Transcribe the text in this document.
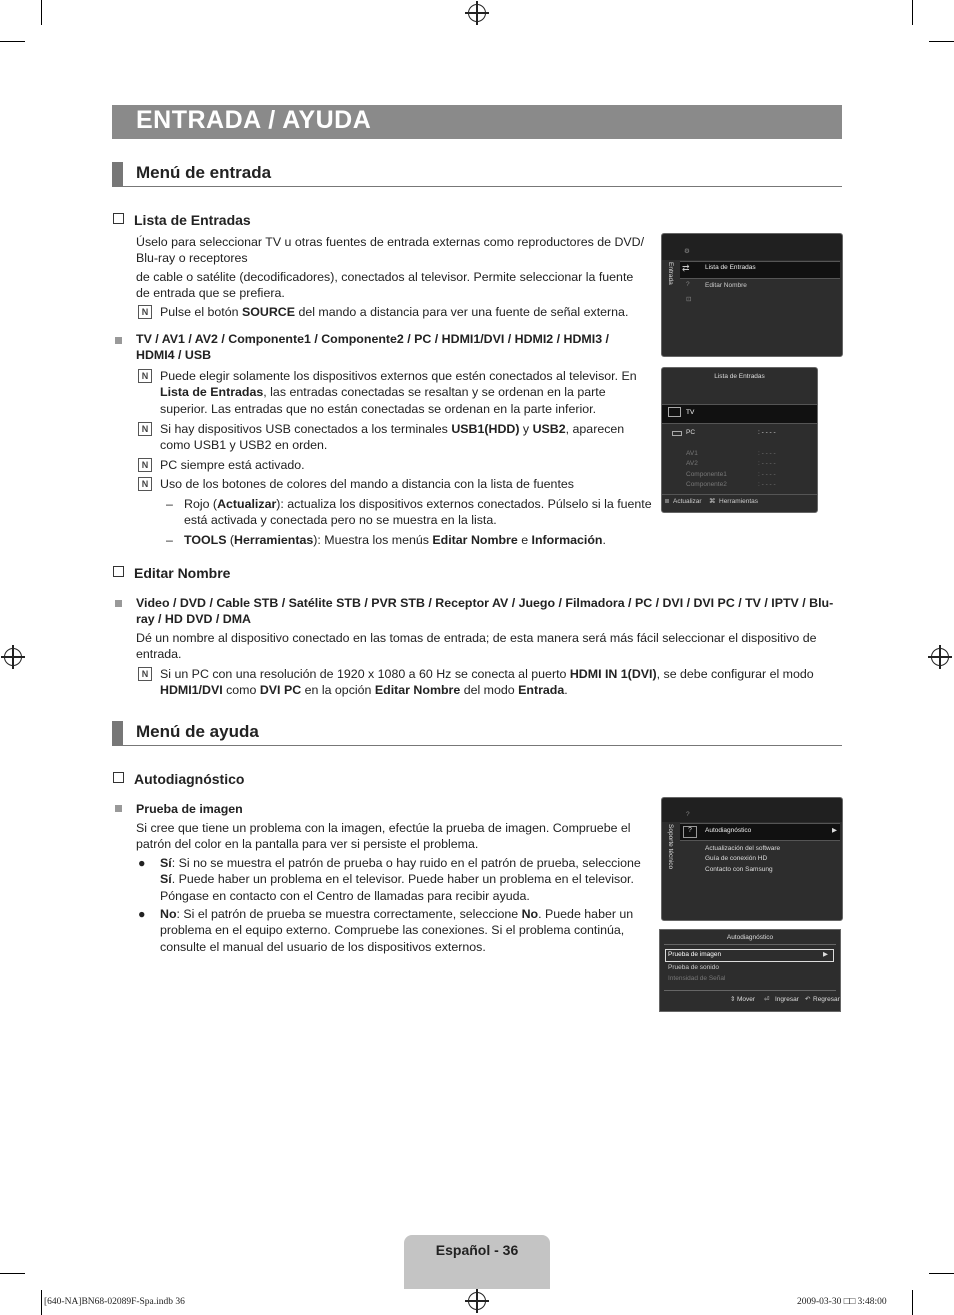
ENTRADA / AYUDA
Menú de entrada
Lista de Entradas
Úselo para seleccionar TV u otras fuentes de entrada externas como reproductores de DVD/ Blu-ray o receptores
de cable o satélite (decodificadores), conectados al televisor. Permite seleccionar la fuente de entrada que se prefiera.
N Pulse el botón SOURCE del mando a distancia para ver una fuente de señal externa.
TV / AV1 / AV2 / Componente1 / Componente2 / PC / HDMI1/DVI / HDMI2 / HDMI3 / HDMI4 / USB
N Puede elegir solamente los dispositivos externos que estén conectados al televisor. En Lista de Entradas, las entradas conectadas se resaltan y se ordenan en la parte superior. Las entradas que no están conectadas se ordenan en la parte inferior.
N Si hay dispositivos USB conectados a los terminales USB1(HDD) y USB2, aparecen como USB1 y USB2 en orden.
N PC siempre está activado.
N Uso de los botones de colores del mando a distancia con la lista de fuentes
– Rojo (Actualizar): actualiza los dispositivos externos conectados. Púlselo si la fuente está activada y conectada pero no se muestra en la lista.
– TOOLS (Herramientas): Muestra los menús Editar Nombre e Información.
Editar Nombre
Video / DVD / Cable STB / Satélite STB / PVR STB / Receptor AV / Juego / Filmadora / PC / DVI / DVI PC / TV / IPTV / Blu-ray / HD DVD / DMA
Dé un nombre al dispositivo conectado en las tomas de entrada; de esta manera será más fácil seleccionar el dispositivo de entrada.
N Si un PC con una resolución de 1920 x 1080 a 60 Hz se conecta al puerto HDMI IN 1(DVI), se debe configurar el modo HDMI1/DVI como DVI PC en la opción Editar Nombre del modo Entrada.
Menú de ayuda
Autodiagnóstico
Prueba de imagen
Si cree que tiene un problema con la imagen, efectúe la prueba de imagen. Compruebe el patrón del color en la pantalla para ver si persiste el problema.
● Sí: Si no se muestra el patrón de prueba o hay ruido en el patrón de prueba, seleccione Sí. Puede haber un problema en el televisor. Puede haber un problema en el televisor. Póngase en contacto con el Centro de llamadas para recibir ayuda.
● No: Si el patrón de prueba se muestra correctamente, seleccione No. Puede haber un problema en el equipo externo. Compruebe las conexiones. Si el problema continúa, consulte el manual del usuario de los dispositivos externos.
Entrada
⚙
⇄ Lista de Entradas
Editar Nombre
?
⊡
Lista de Entradas
TV
PC	: - - - -
AV1	: - - - -
AV2	: - - - -
Componente1	: - - - -
Componente2	: - - - -
Actualizar ⌘ Herramientas
Soporte técnico
?
?	Autodiagnóstico	▶
Actualización del software
Guía de conexión HD
Contacto con Samsung
Autodiagnóstico
Prueba de imagen	▶
Prueba de sonido
Intensidad de Señal
⇕ Mover ⏎ Ingresar ↶ Regresar
Español - 36
[640-NA]BN68-02089F-Spa.indb 36	2009-03-30 □□ 3:48:00
